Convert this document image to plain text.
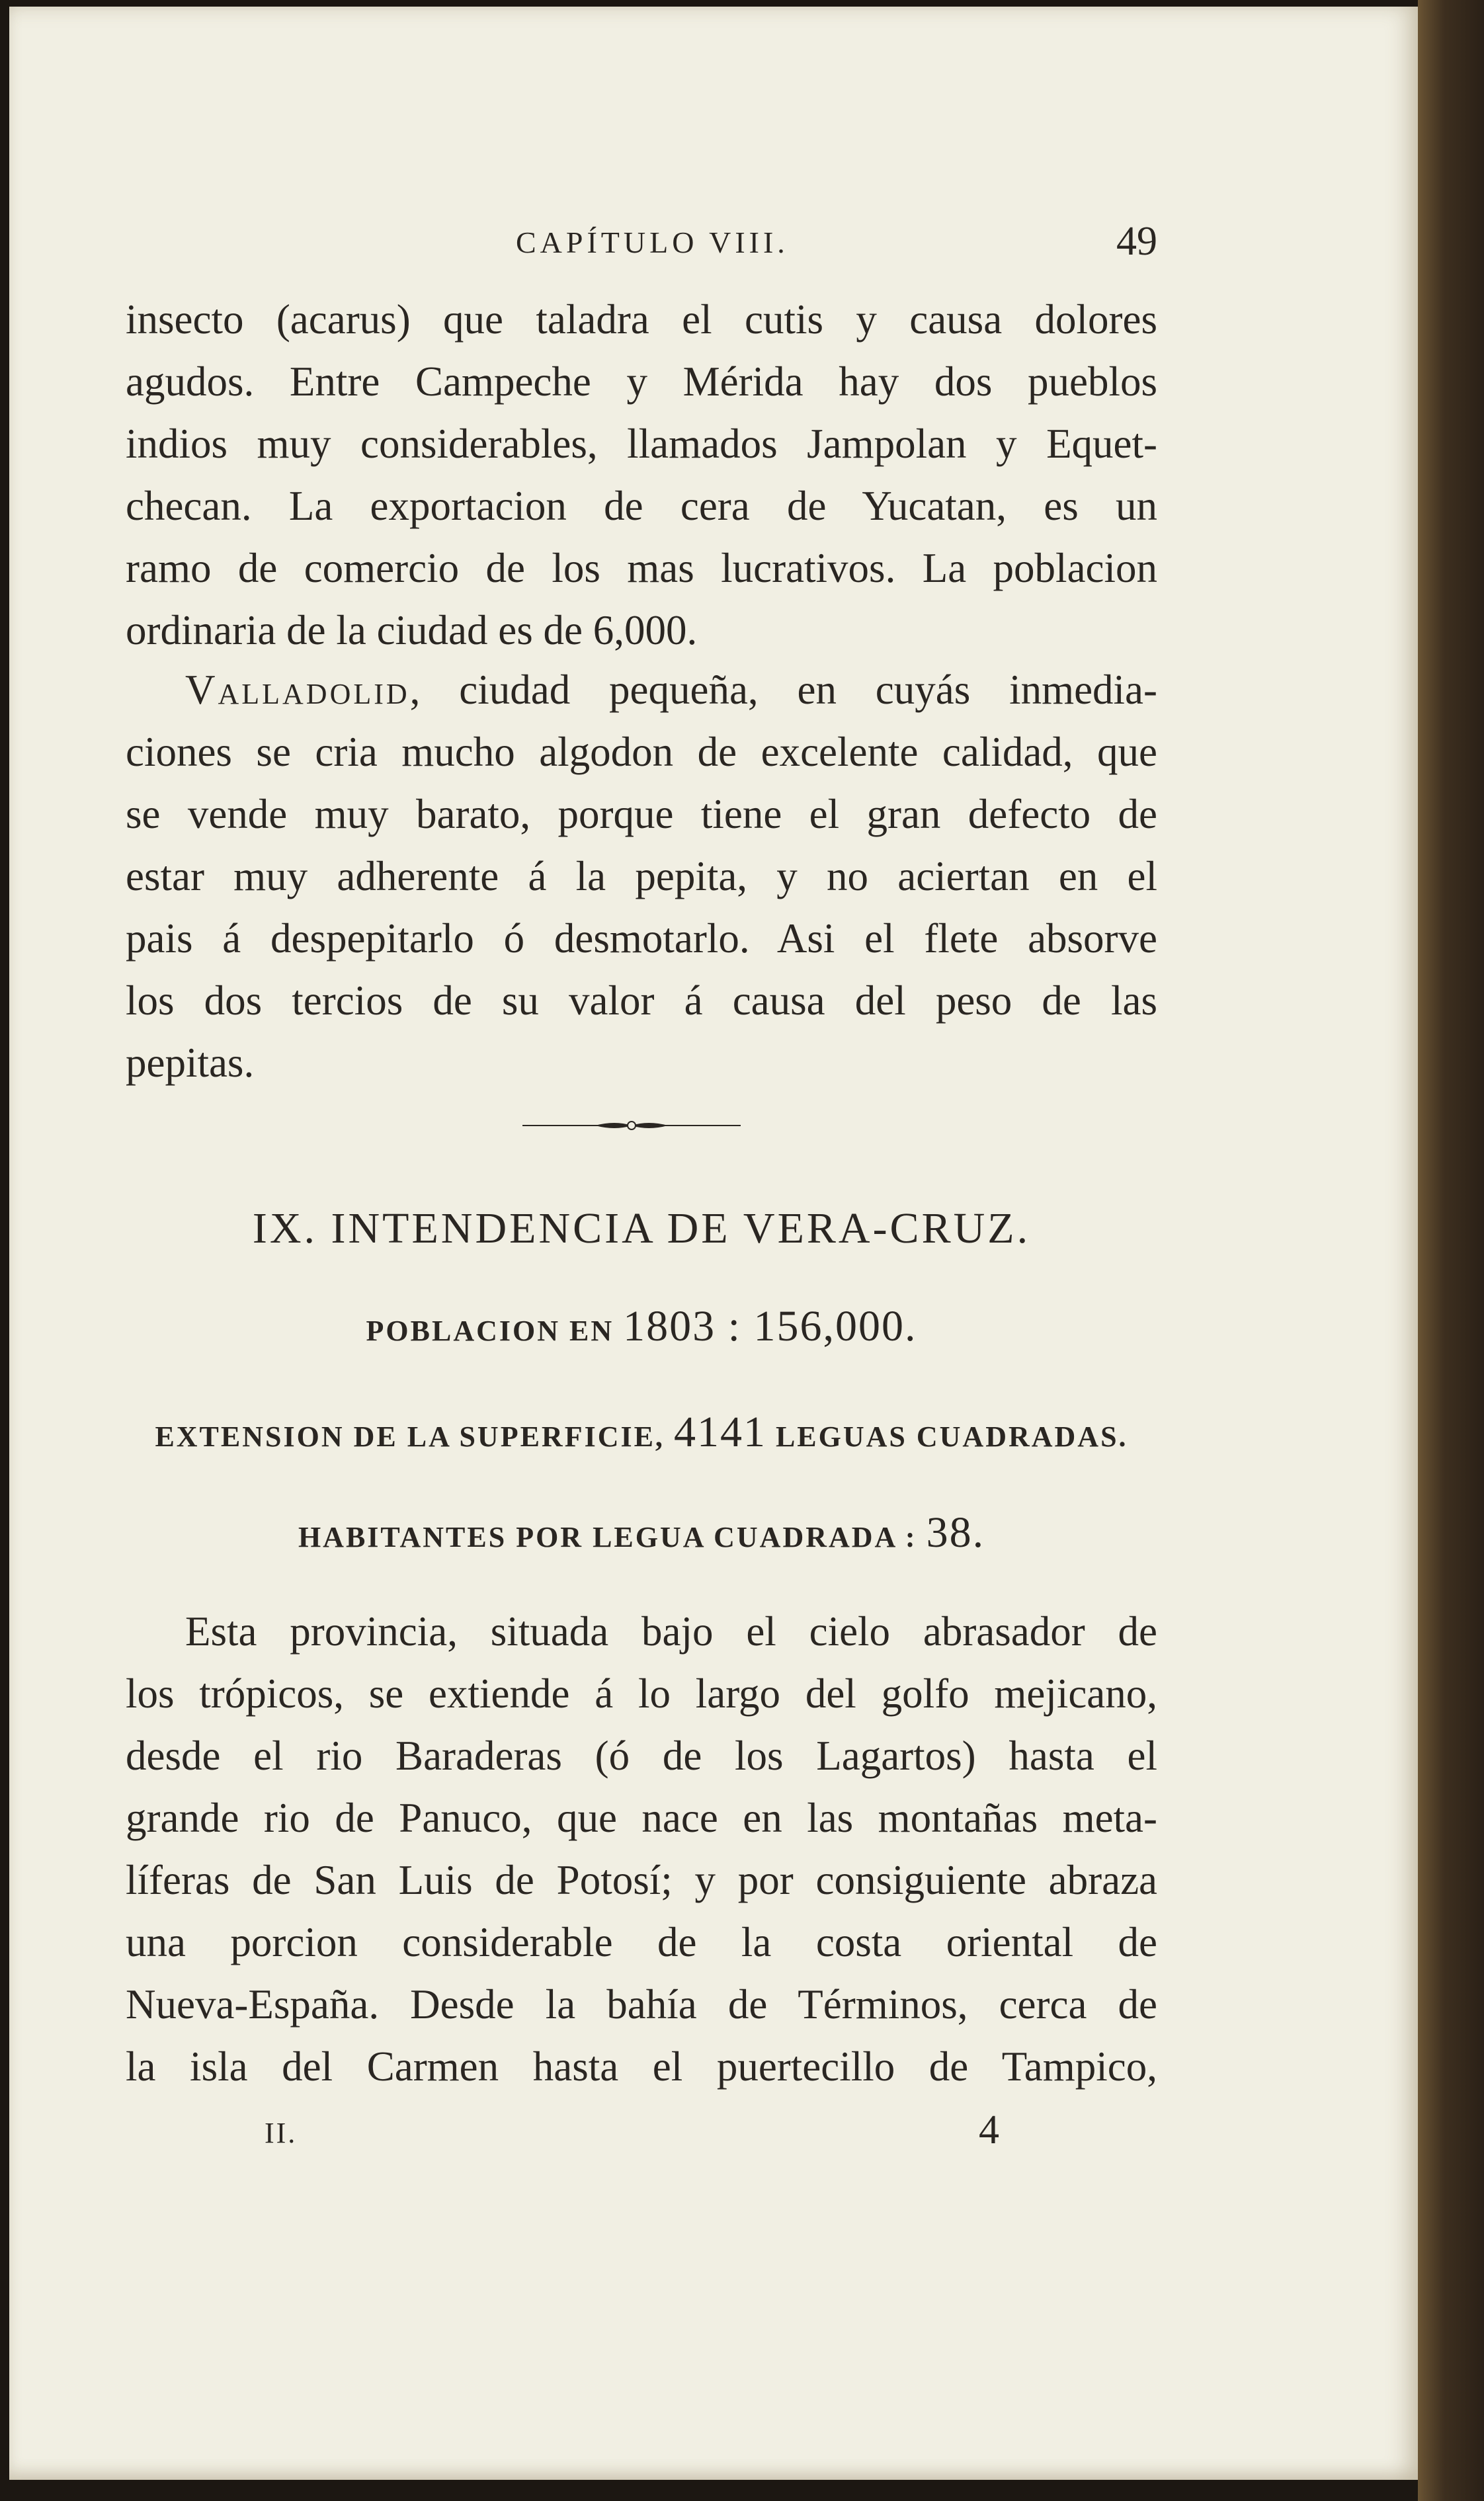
CAPÍTULO VIII.	49
insecto (acarus) que taladra el cutis y causa dolores
agudos. Entre Campeche y Mérida hay dos pueblos
indios muy considerables, llamados Jampolan y Equet-
checan. La exportacion de cera de Yucatan, es un
ramo de comercio de los mas lucrativos. La poblacion
ordinaria de la ciudad es de 6,000.
Valladolid, ciudad pequeña, en cuyás inmedia-
ciones se cria mucho algodon de excelente calidad, que
se vende muy barato, porque tiene el gran defecto de
estar muy adherente á la pepita, y no aciertan en el
pais á despepitarlo ó desmotarlo. Asi el flete absorve
los dos tercios de su valor á causa del peso de las
pepitas.
IX. INTENDENCIA DE VERA-CRUZ.
POBLACION EN 1803 : 156,000.
EXTENSION DE LA SUPERFICIE, 4141 LEGUAS CUADRADAS.
HABITANTES POR LEGUA CUADRADA : 38.
Esta provincia, situada bajo el cielo abrasador de
los trópicos, se extiende á lo largo del golfo mejicano,
desde el rio Baraderas (ó de los Lagartos) hasta el
grande rio de Panuco, que nace en las montañas meta-
líferas de San Luis de Potosí; y por consiguiente abraza
una porcion considerable de la costa oriental de
Nueva-España. Desde la bahía de Términos, cerca de
la isla del Carmen hasta el puertecillo de Tampico,
II.	4
